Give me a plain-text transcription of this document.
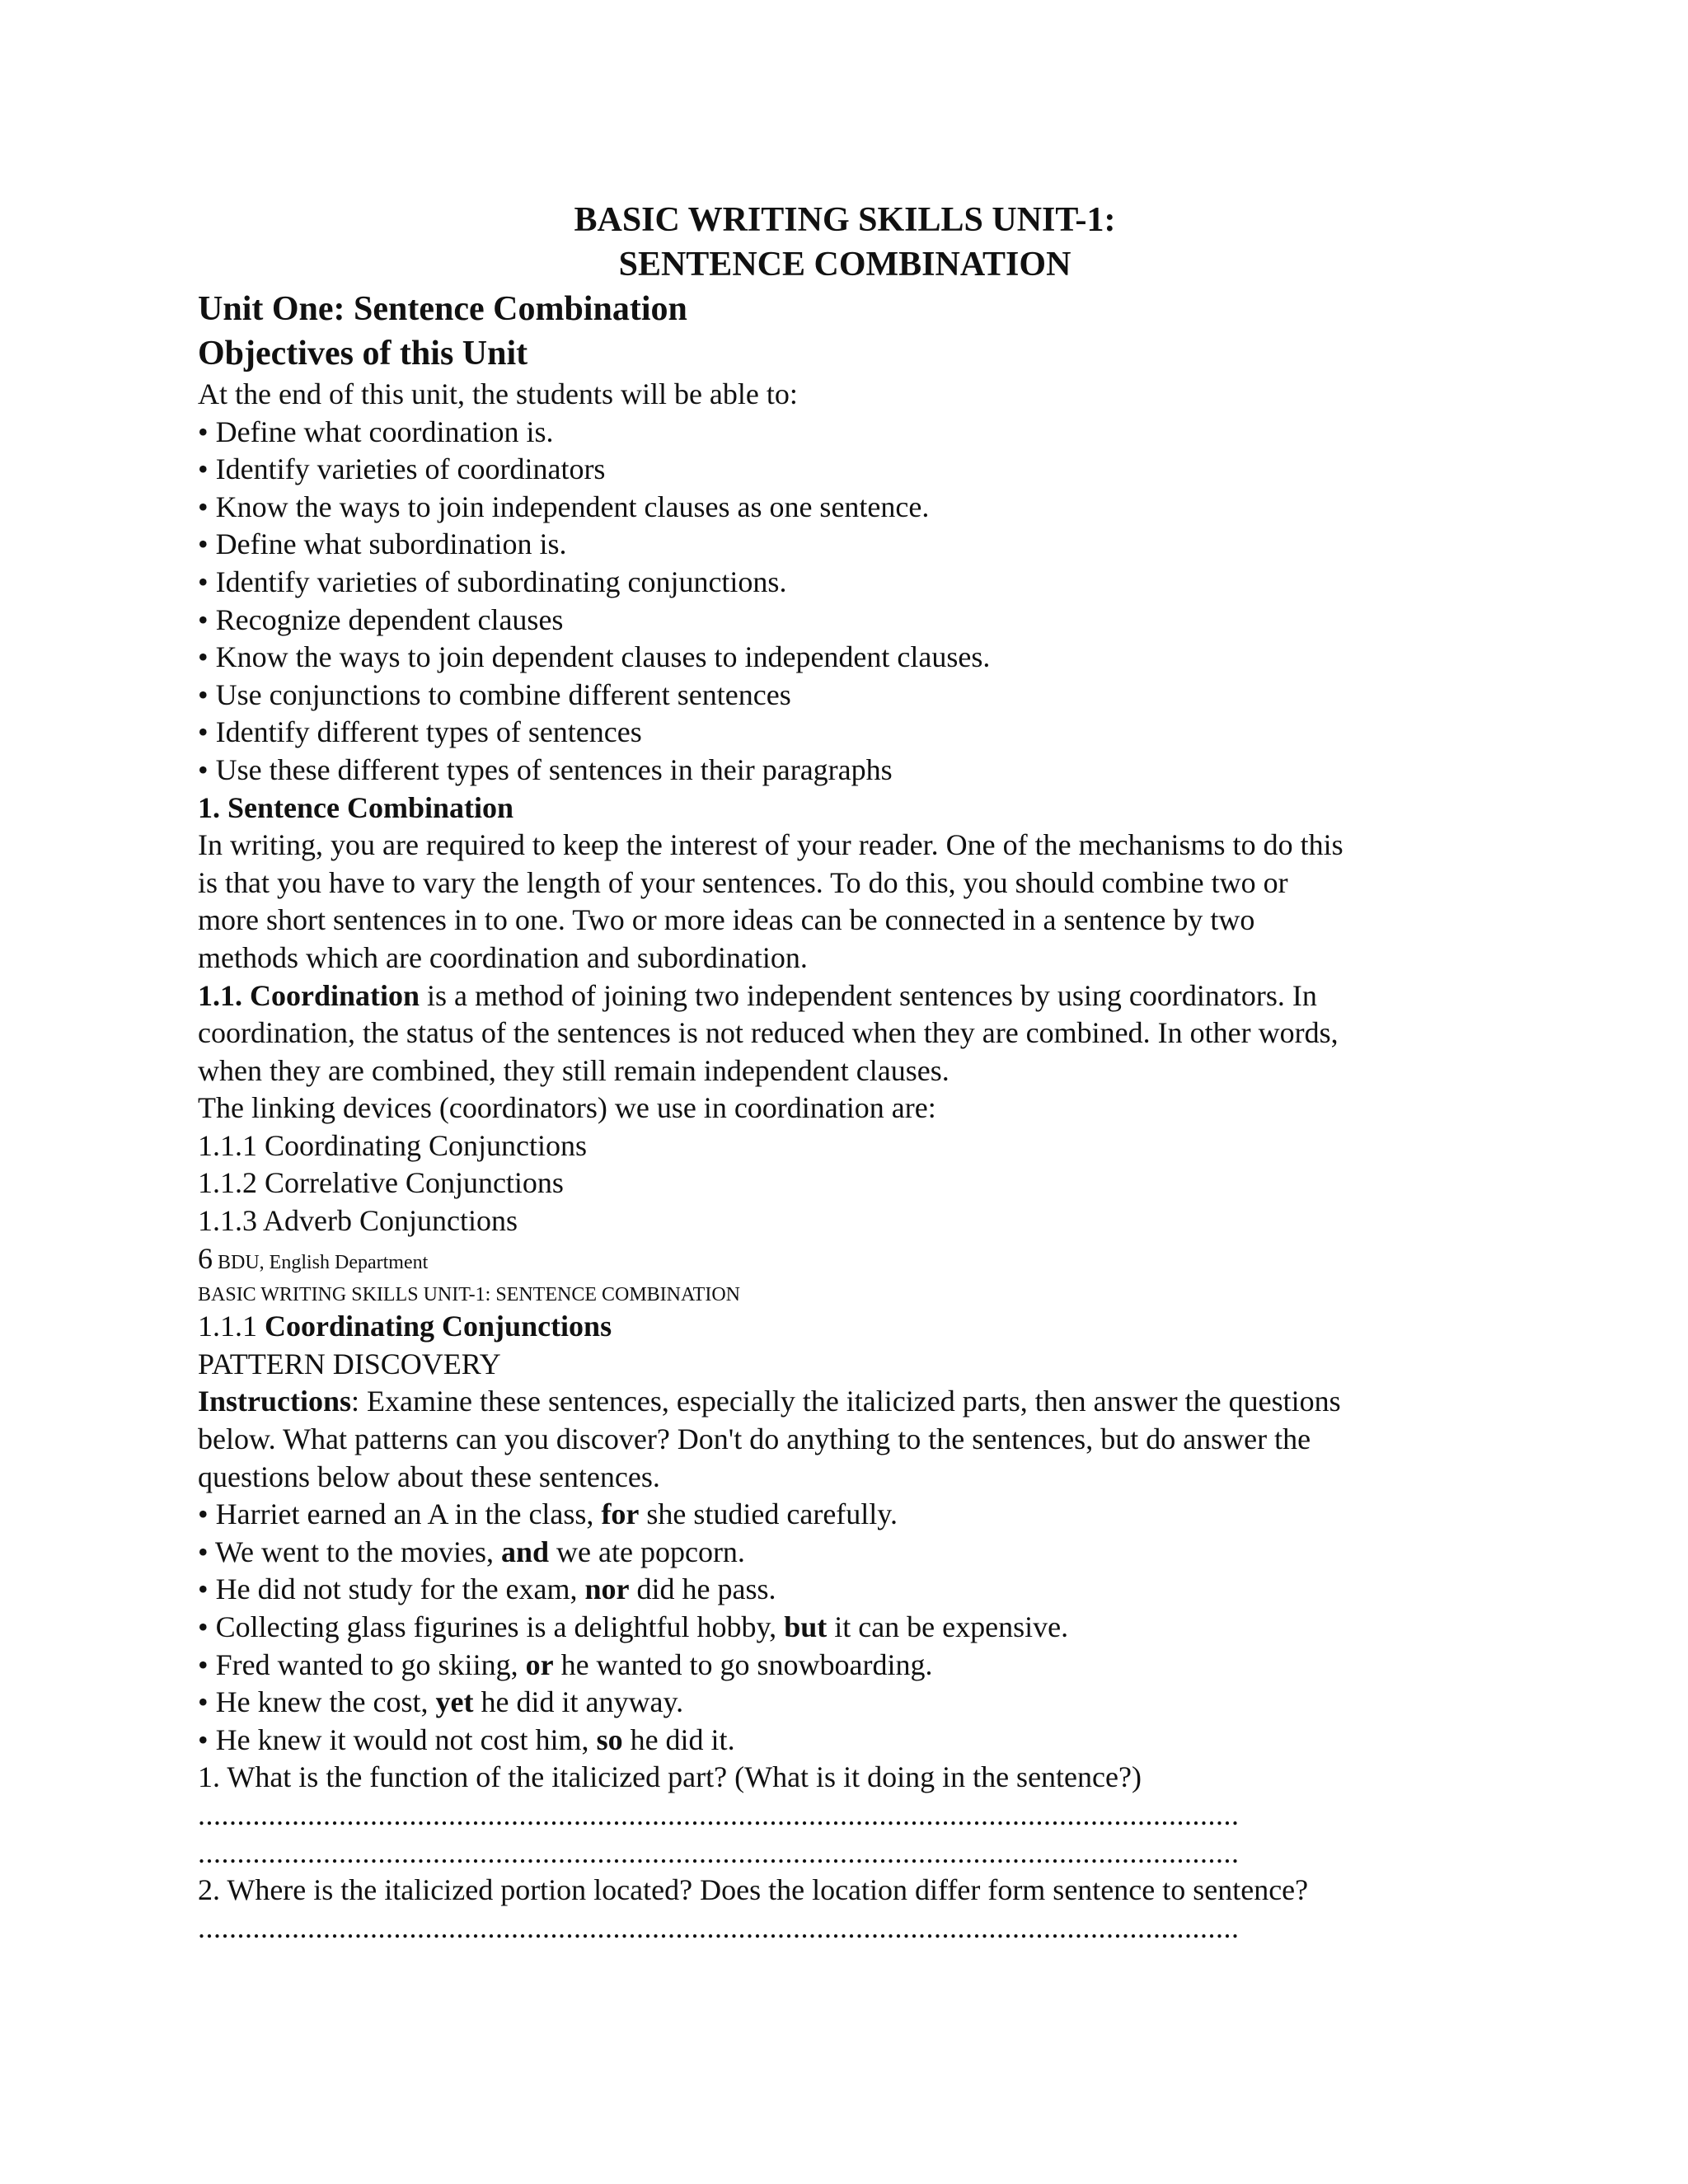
BASIC WRITING SKILLS UNIT-1:

SENTENCE COMBINATION

Unit One: Sentence Combination

Objectives of this Unit

At the end of this unit, the students will be able to:

• Define what coordination is.
• Identify varieties of coordinators
• Know the ways to join independent clauses as one sentence.
• Define what subordination is.
• Identify varieties of subordinating conjunctions.
• Recognize dependent clauses
• Know the ways to join dependent clauses to independent clauses.
• Use conjunctions to combine different sentences
• Identify different types of sentences
• Use these different types of sentences in their paragraphs

1. Sentence Combination

In writing, you are required to keep the interest of your reader. One of the mechanisms to do this

is that you have to vary the length of your sentences. To do this, you should combine two or

more short sentences in to one. Two or more ideas can be connected in a sentence by two

methods which are coordination and subordination.

1.1. Coordination is a method of joining two independent sentences by using coordinators. In

coordination, the status of the sentences is not reduced when they are combined. In other words,

when they are combined, they still remain independent clauses.

The linking devices (coordinators) we use in coordination are:

1.1.1 Coordinating Conjunctions

1.1.2 Correlative Conjunctions

1.1.3 Adverb Conjunctions

6 BDU, English Department

BASIC WRITING SKILLS UNIT-1: SENTENCE COMBINATION

1.1.1 Coordinating Conjunctions

PATTERN DISCOVERY

Instructions: Examine these sentences, especially the italicized parts, then answer the questions

below. What patterns can you discover? Don't do anything to the sentences, but do answer the

questions below about these sentences.

• Harriet earned an A in the class, for she studied carefully.
• We went to the movies, and we ate popcorn.
• He did not study for the exam, nor did he pass.
• Collecting glass figurines is a delightful hobby, but it can be expensive.
• Fred wanted to go skiing, or he wanted to go snowboarding.
• He knew the cost, yet he did it anyway.
• He knew it would not cost him, so he did it.

1. What is the function of the italicized part? (What is it doing in the sentence?)

.....................................................................................................................................

.....................................................................................................................................

2. Where is the italicized portion located? Does the location differ form sentence to sentence?

.....................................................................................................................................
